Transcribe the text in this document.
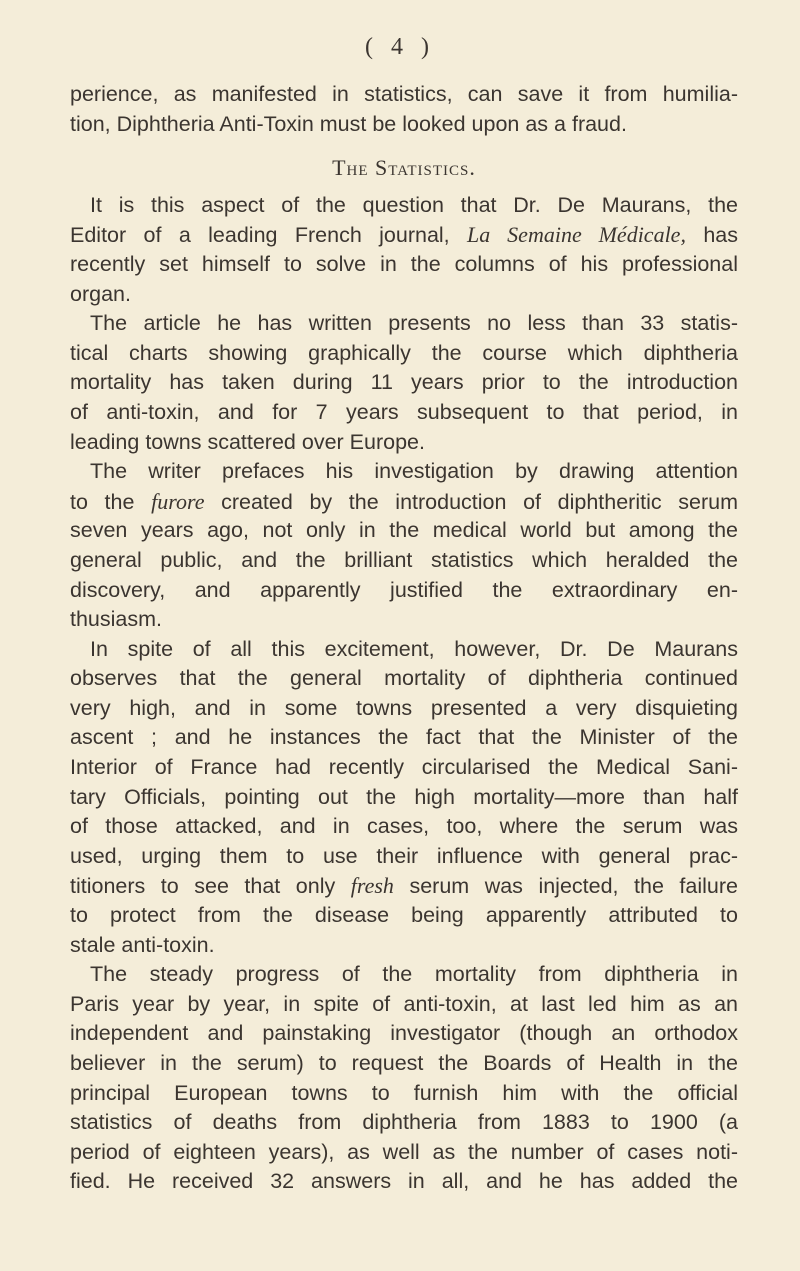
( 4 )
perience, as manifested in statistics, can save it from humilia-
tion, Diphtheria Anti-Toxin must be looked upon as a fraud.
The Statistics.
It is this aspect of the question that Dr. De Maurans, the
Editor of a leading French journal, La Semaine Médicale, has
recently set himself to solve in the columns of his professional
organ.
The article he has written presents no less than 33 statis-
tical charts showing graphically the course which diphtheria
mortality has taken during 11 years prior to the introduction
of anti-toxin, and for 7 years subsequent to that period, in
leading towns scattered over Europe.
The writer prefaces his investigation by drawing attention
to the furore created by the introduction of diphtheritic serum
seven years ago, not only in the medical world but among the
general public, and the brilliant statistics which heralded the
discovery, and apparently justified the extraordinary en-
thusiasm.
In spite of all this excitement, however, Dr. De Maurans
observes that the general mortality of diphtheria continued
very high, and in some towns presented a very disquieting
ascent ; and he instances the fact that the Minister of the
Interior of France had recently circularised the Medical Sani-
tary Officials, pointing out the high mortality—more than half
of those attacked, and in cases, too, where the serum was
used, urging them to use their influence with general prac-
titioners to see that only fresh serum was injected, the failure
to protect from the disease being apparently attributed to
stale anti-toxin.
The steady progress of the mortality from diphtheria in
Paris year by year, in spite of anti-toxin, at last led him as an
independent and painstaking investigator (though an orthodox
believer in the serum) to request the Boards of Health in the
principal European towns to furnish him with the official
statistics of deaths from diphtheria from 1883 to 1900 (a
period of eighteen years), as well as the number of cases noti-
fied. He received 32 answers in all, and he has added the
